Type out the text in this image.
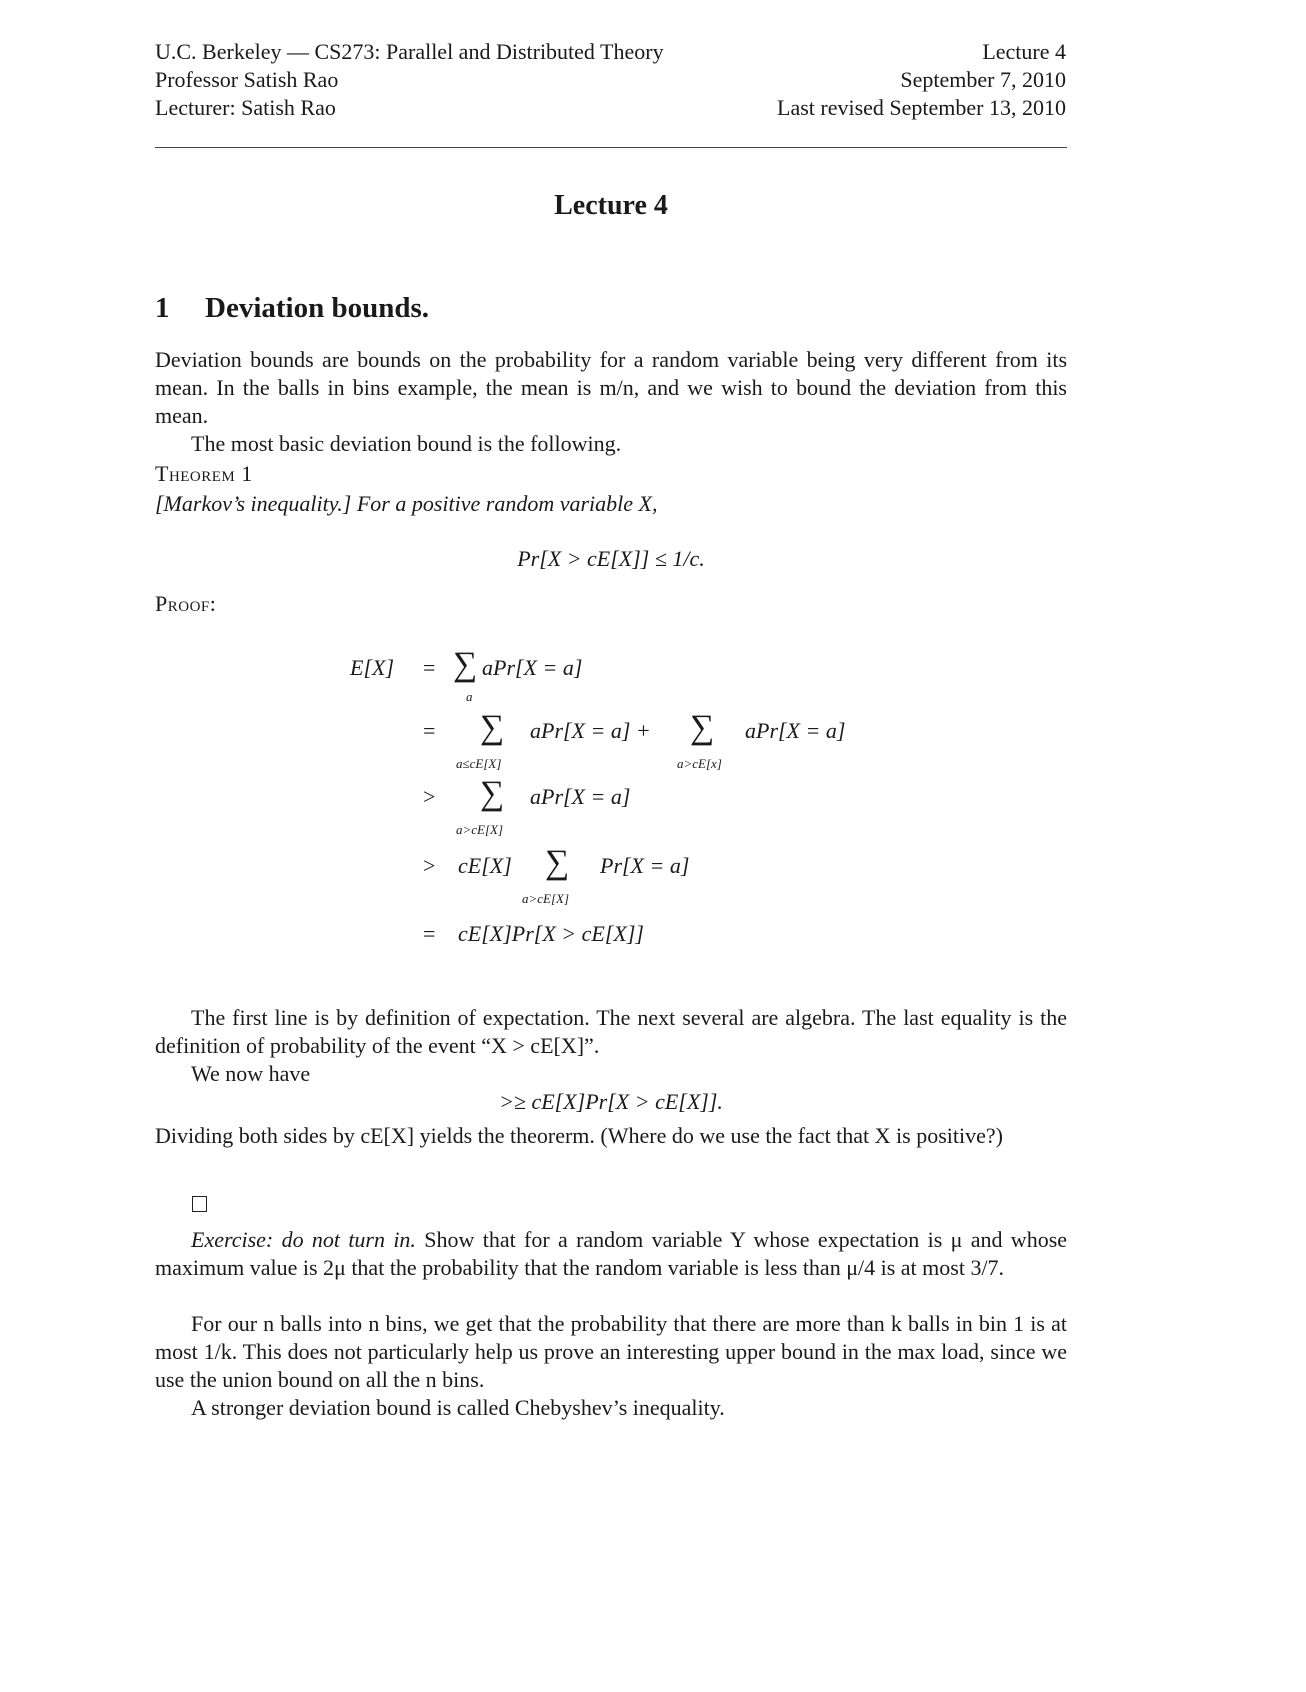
U.C. Berkeley — CS273: Parallel and Distributed Theory
Professor Satish Rao
Lecturer: Satish Rao
Lecture 4
September 7, 2010
Last revised September 13, 2010
Lecture 4
1 Deviation bounds.

Deviation bounds are bounds on the probability for a random variable being very different from its mean. In the balls in bins example, the mean is m/n, and we wish to bound the deviation from this mean.

The most basic deviation bound is the following.

Theorem 1

[Markov’s inequality.] For a positive random variable X,

Pr[X > cE[X]] ≤ 1/c.

Proof:

E[X] = ∑ aPr[X = a]
a
= ∑ aPr[X = a] +
a≤cE[X]
∑ aPr[X = a]
a>cE[x]
> ∑ aPr[X = a]
a>cE[X]
> cE[X] ∑ Pr[X = a]
a>cE[X]
= cE[X]Pr[X > cE[X]]

The first line is by definition of expectation. The next several are algebra. The last equality is the definition of probability of the event “X > cE[X]”.

We now have

>≥ cE[X]Pr[X > cE[X]].

Dividing both sides by cE[X] yields the theorerm. (Where do we use the fact that X is positive?)

Exercise: do not turn in. Show that for a random variable Y whose expectation is μ and whose maximum value is 2μ that the probability that the random variable is less than μ/4 is at most 3/7.

For our n balls into n bins, we get that the probability that there are more than k balls in bin 1 is at most 1/k. This does not particularly help us prove an interesting upper bound in the max load, since we use the union bound on all the n bins.

A stronger deviation bound is called Chebyshev’s inequality.
